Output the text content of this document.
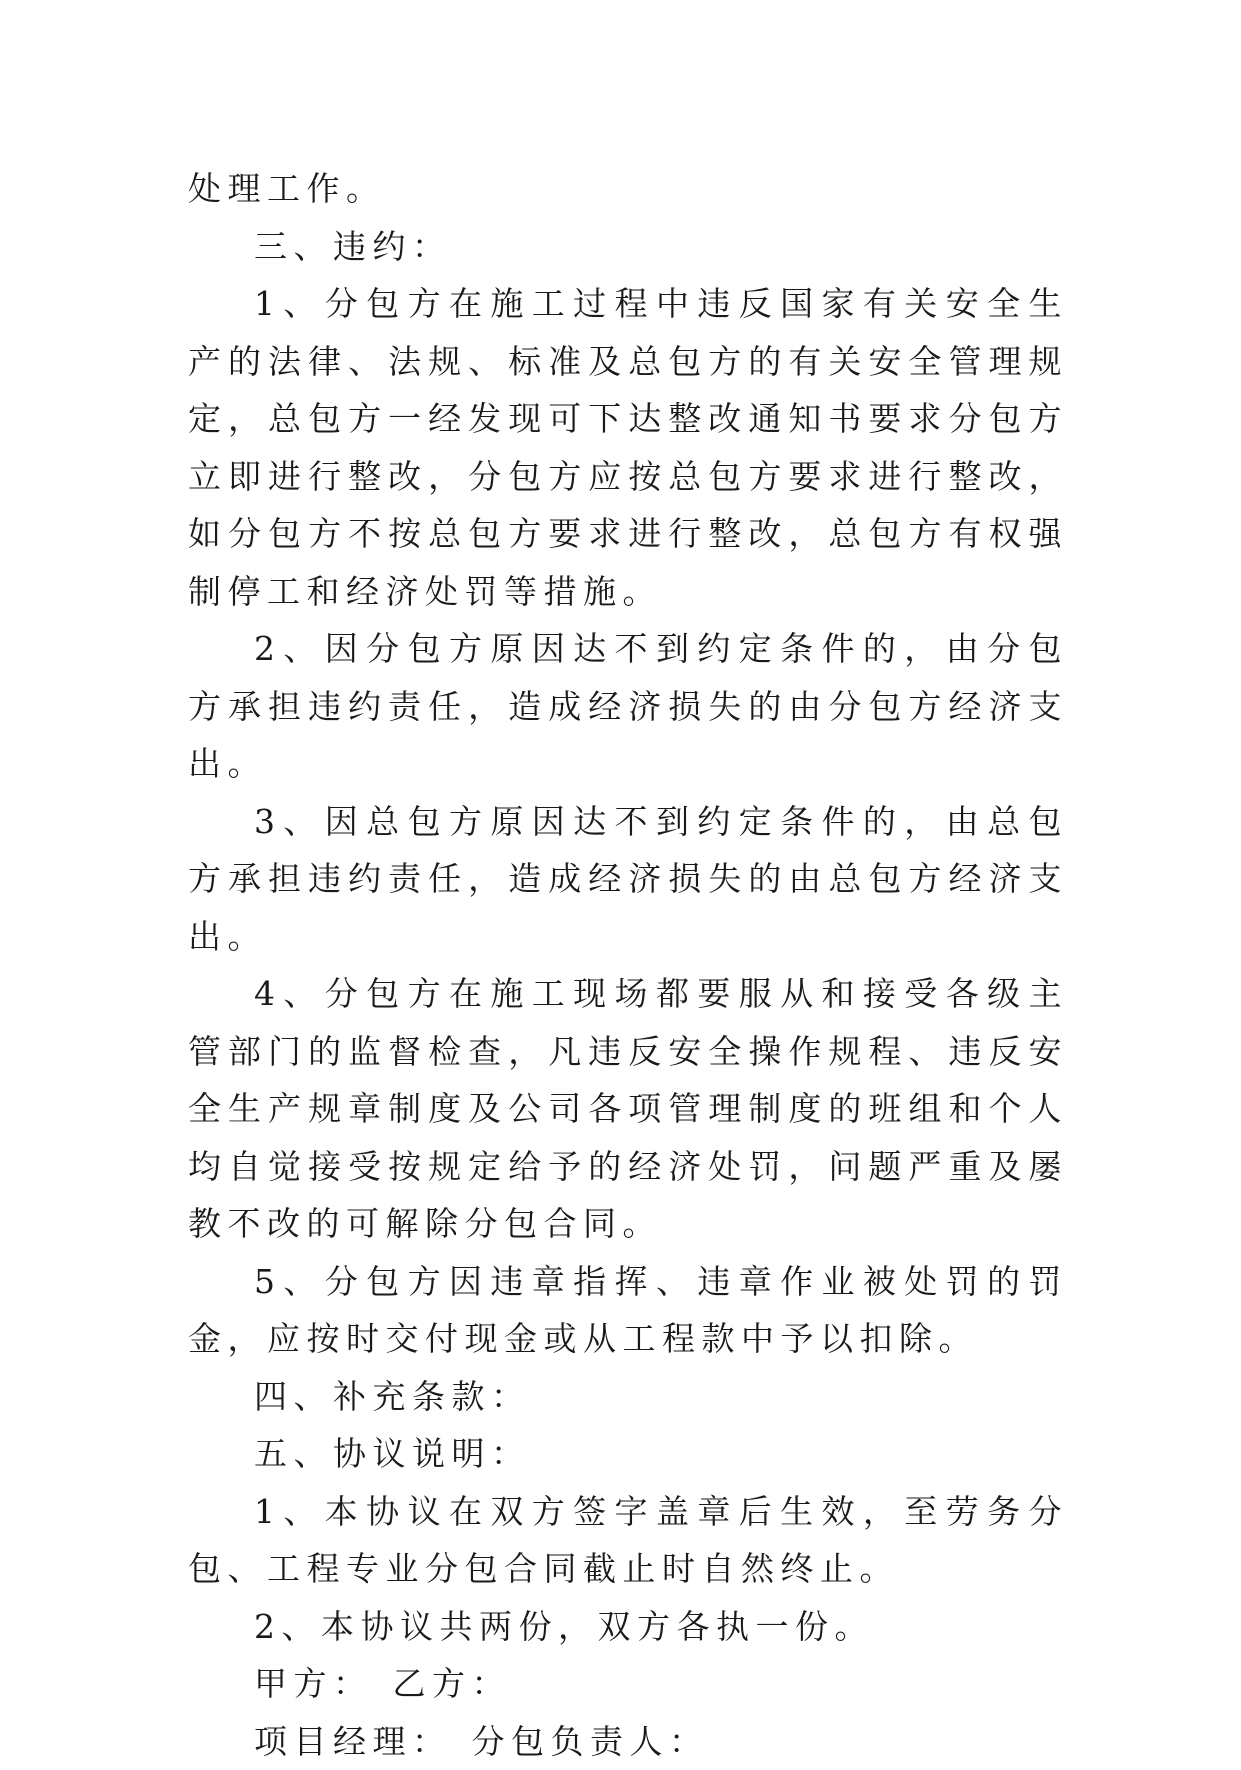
处理工作。

三、违约：

1、分包方在施工过程中违反国家有关安全生产的法律、法规、标准及总包方的有关安全管理规定，总包方一经发现可下达整改通知书要求分包方立即进行整改，分包方应按总包方要求进行整改，如分包方不按总包方要求进行整改，总包方有权强制停工和经济处罚等措施。

2、因分包方原因达不到约定条件的，由分包方承担违约责任，造成经济损失的由分包方经济支出。

3、因总包方原因达不到约定条件的，由总包方承担违约责任，造成经济损失的由总包方经济支出。

4、分包方在施工现场都要服从和接受各级主管部门的监督检查，凡违反安全操作规程、违反安全生产规章制度及公司各项管理制度的班组和个人均自觉接受按规定给予的经济处罚，问题严重及屡教不改的可解除分包合同。

5、分包方因违章指挥、违章作业被处罚的罚金，应按时交付现金或从工程款中予以扣除。

四、补充条款：

五、协议说明：

1、本协议在双方签字盖章后生效，至劳务分包、工程专业分包合同截止时自然终止。

2、本协议共两份，双方各执一份。

甲方： 乙方：

项目经理： 分包负责人：
